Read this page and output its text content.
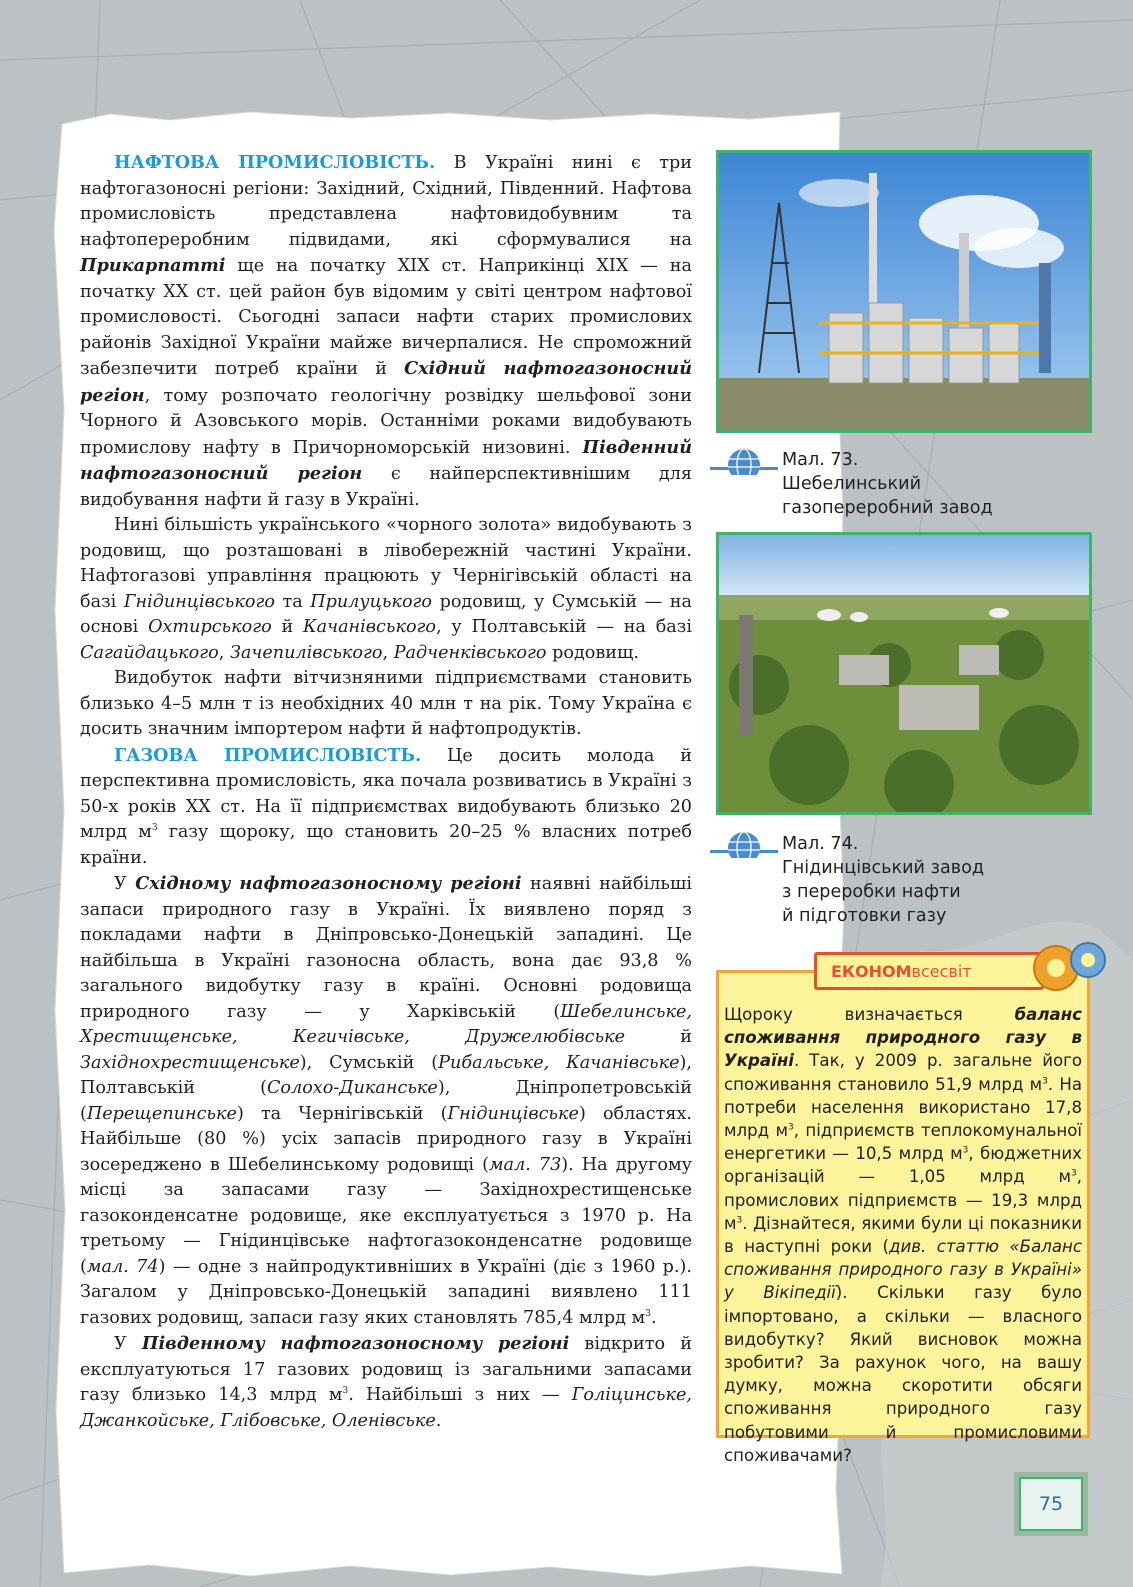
НАФТОВА ПРОМИСЛОВІСТЬ. В Україні нині є три нафтогазоносні регіони: Західний, Східний, Південний. Нафтова промисловість представлена нафтовидобувним та нафтопереробним підвидами, які сформувалися на Прикарпатті ще на початку XIX ст. Наприкінці XIX — на початку XX ст. цей район був відомим у світі центром нафтової промисловості. Сьогодні запаси нафти старих промислових районів Західної України майже вичерпалися. Не спроможний забезпечити потреб країни й Східний нафтогазоносний регіон, тому розпочато геологічну розвідку шельфової зони Чорного й Азовського морів. Останніми роками видобувають промислову нафту в Причорноморській низовині. Південний нафтогазоносний регіон є найперспективнішим для видобування нафти й газу в Україні.

Нині більшість українського «чорного золота» видобувають з родовищ, що розташовані в лівобережній частині України. Нафтогазові управління працюють у Чернігівській області на базі Гнідинцівського та Прилуцького родовищ, у Сумській — на основі Охтирського й Качанівського, у Полтавській — на базі Сагайдацького, Зачепилівського, Радченківського родовищ.

Видобуток нафти вітчизняними підприємствами становить близько 4–5 млн т із необхідних 40 млн т на рік. Тому Україна є досить значним імпортером нафти й нафтопродуктів.

ГАЗОВА ПРОМИСЛОВІСТЬ. Це досить молода й перспективна промисловість, яка почала розвиватись в Україні з 50-х років XX ст. На її підприємствах видобувають близько 20 млрд $м^3$ газу щороку, що становить 20–25 % власних потреб країни.

У Східному нафтогазоносному регіоні наявні найбільші запаси природного газу в Україні. Їх виявлено поряд з покладами нафти в Дніпровсько-Донецькій западині. Це найбільша в Україні газоносна область, вона дає 93,8 % загального видобутку газу в країні. Основні родовища природного газу — у Харківській (Шебелинське, Хрестищенське, Кегичівське, Дружелюбівське й Західнохрестищенське), Сумській (Рибальське, Качанівське), Полтавській (Солохо-Диканське), Дніпропетровській (Перещепинське) та Чернігівській (Гнідинцівське) областях. Найбільше (80 %) усіх запасів природного газу в Україні зосереджено в Шебелинському родовищі (мал. 73). На другому місці за запасами газу — Західнохрестищенське газоконденсатне родовище, яке експлуатується з 1970 р. На третьому — Гнідинцівське нафтогазоконденсатне родовище (мал. 74) — одне з найпродуктивніших в Україні (діє з 1960 р.). Загалом у Дніпровсько-Донецькій западині виявлено 111 газових родовищ, запаси газу яких становлять 785,4 млрд $м^3$.

У Південному нафтогазоносному регіоні відкрито й експлуатуються 17 газових родовищ із загальними запасами газу близько 14,3 млрд $м^3$. Найбільші з них — Голіцинське, Джанкойське, Глібовське, Оленівське.

Мал. 73.
Шебелинський
газопереробний завод
Мал. 74.
Гнідинцівський завод
з переробки нафти
й підготовки газу
ЕКОНОМ всесвіт
Щороку визначається баланс споживання природного газу в Україні. Так, у 2009 р. загальне його споживання становило 51,9 млрд $м^3$. На потреби населення використано 17,8 млрд $м^3$, підприємств теплокомунальної енергетики — 10,5 млрд $м^3$, бюджетних організацій — 1,05 млрд $м^3$, промислових підприємств — 19,3 млрд $м^3$. Дізнайтеся, якими були ці показники в наступні роки (див. статтю «Баланс споживання природного газу в Україні» у Вікіпедії). Скільки газу було імпортовано, а скільки — власного видобутку? Який висновок можна зробити? За рахунок чого, на вашу думку, можна скоротити обсяги споживання природного газу побутовими й промисловими споживачами?
75
